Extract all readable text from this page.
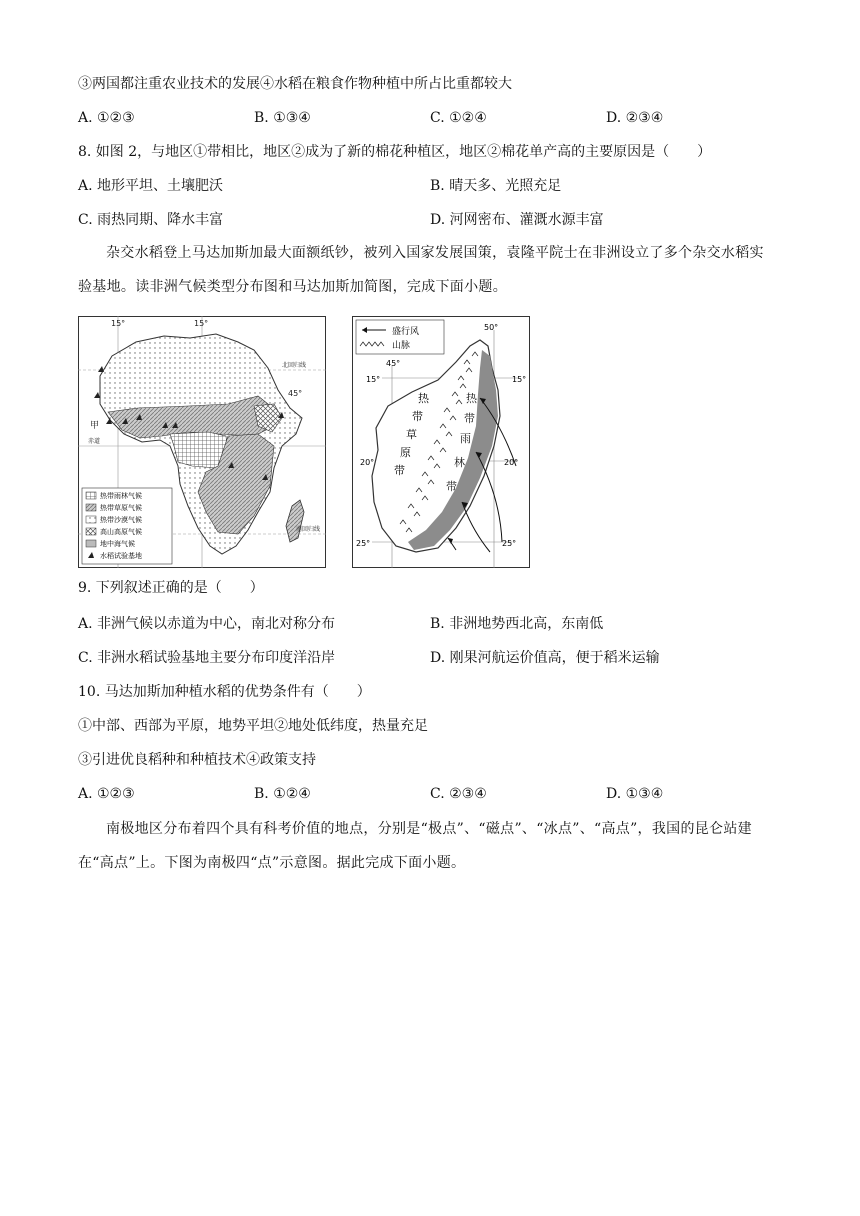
③两国都注重农业技术的发展④水稻在粮食作物种植中所占比重都较大
A. ①②③	B. ①③④	C. ①②④	D. ②③④
8. 如图 2，与地区①带相比，地区②成为了新的棉花种植区，地区②棉花单产高的主要原因是（　　）
A. 地形平坦、土壤肥沃	B. 晴天多、光照充足
C. 雨热同期、降水丰富	D. 河网密布、灌溉水源丰富
杂交水稻登上马达加斯加最大面额纸钞，被列入国家发展国策，袁隆平院士在非洲设立了多个杂交水稻实验基地。读非洲气候类型分布图和马达加斯加简图，完成下面小题。
15°	15°
45°
北回归线
赤道
南回归线
甲
热带雨林气候
热带草原气候
热带沙漠气候
高山高原气候
地中海气候
水稻试验基地
盛行风
山脉
50°
45°
15°	15°
20°	20°
25°	25°
热
带
草
原
带
热
带
雨
林
带
9. 下列叙述正确的是（　　）
A. 非洲气候以赤道为中心，南北对称分布	B. 非洲地势西北高，东南低
C. 非洲水稻试验基地主要分布印度洋沿岸	D. 刚果河航运价值高，便于稻米运输
10. 马达加斯加种植水稻的优势条件有（　　）
①中部、西部为平原，地势平坦②地处低纬度，热量充足
③引进优良稻种和种植技术④政策支持
A. ①②③	B. ①②④	C. ②③④	D. ①③④
南极地区分布着四个具有科考价值的地点，分别是“极点”、“磁点”、“冰点”、“高点”，我国的昆仑站建在“高点”上。下图为南极四“点”示意图。据此完成下面小题。
